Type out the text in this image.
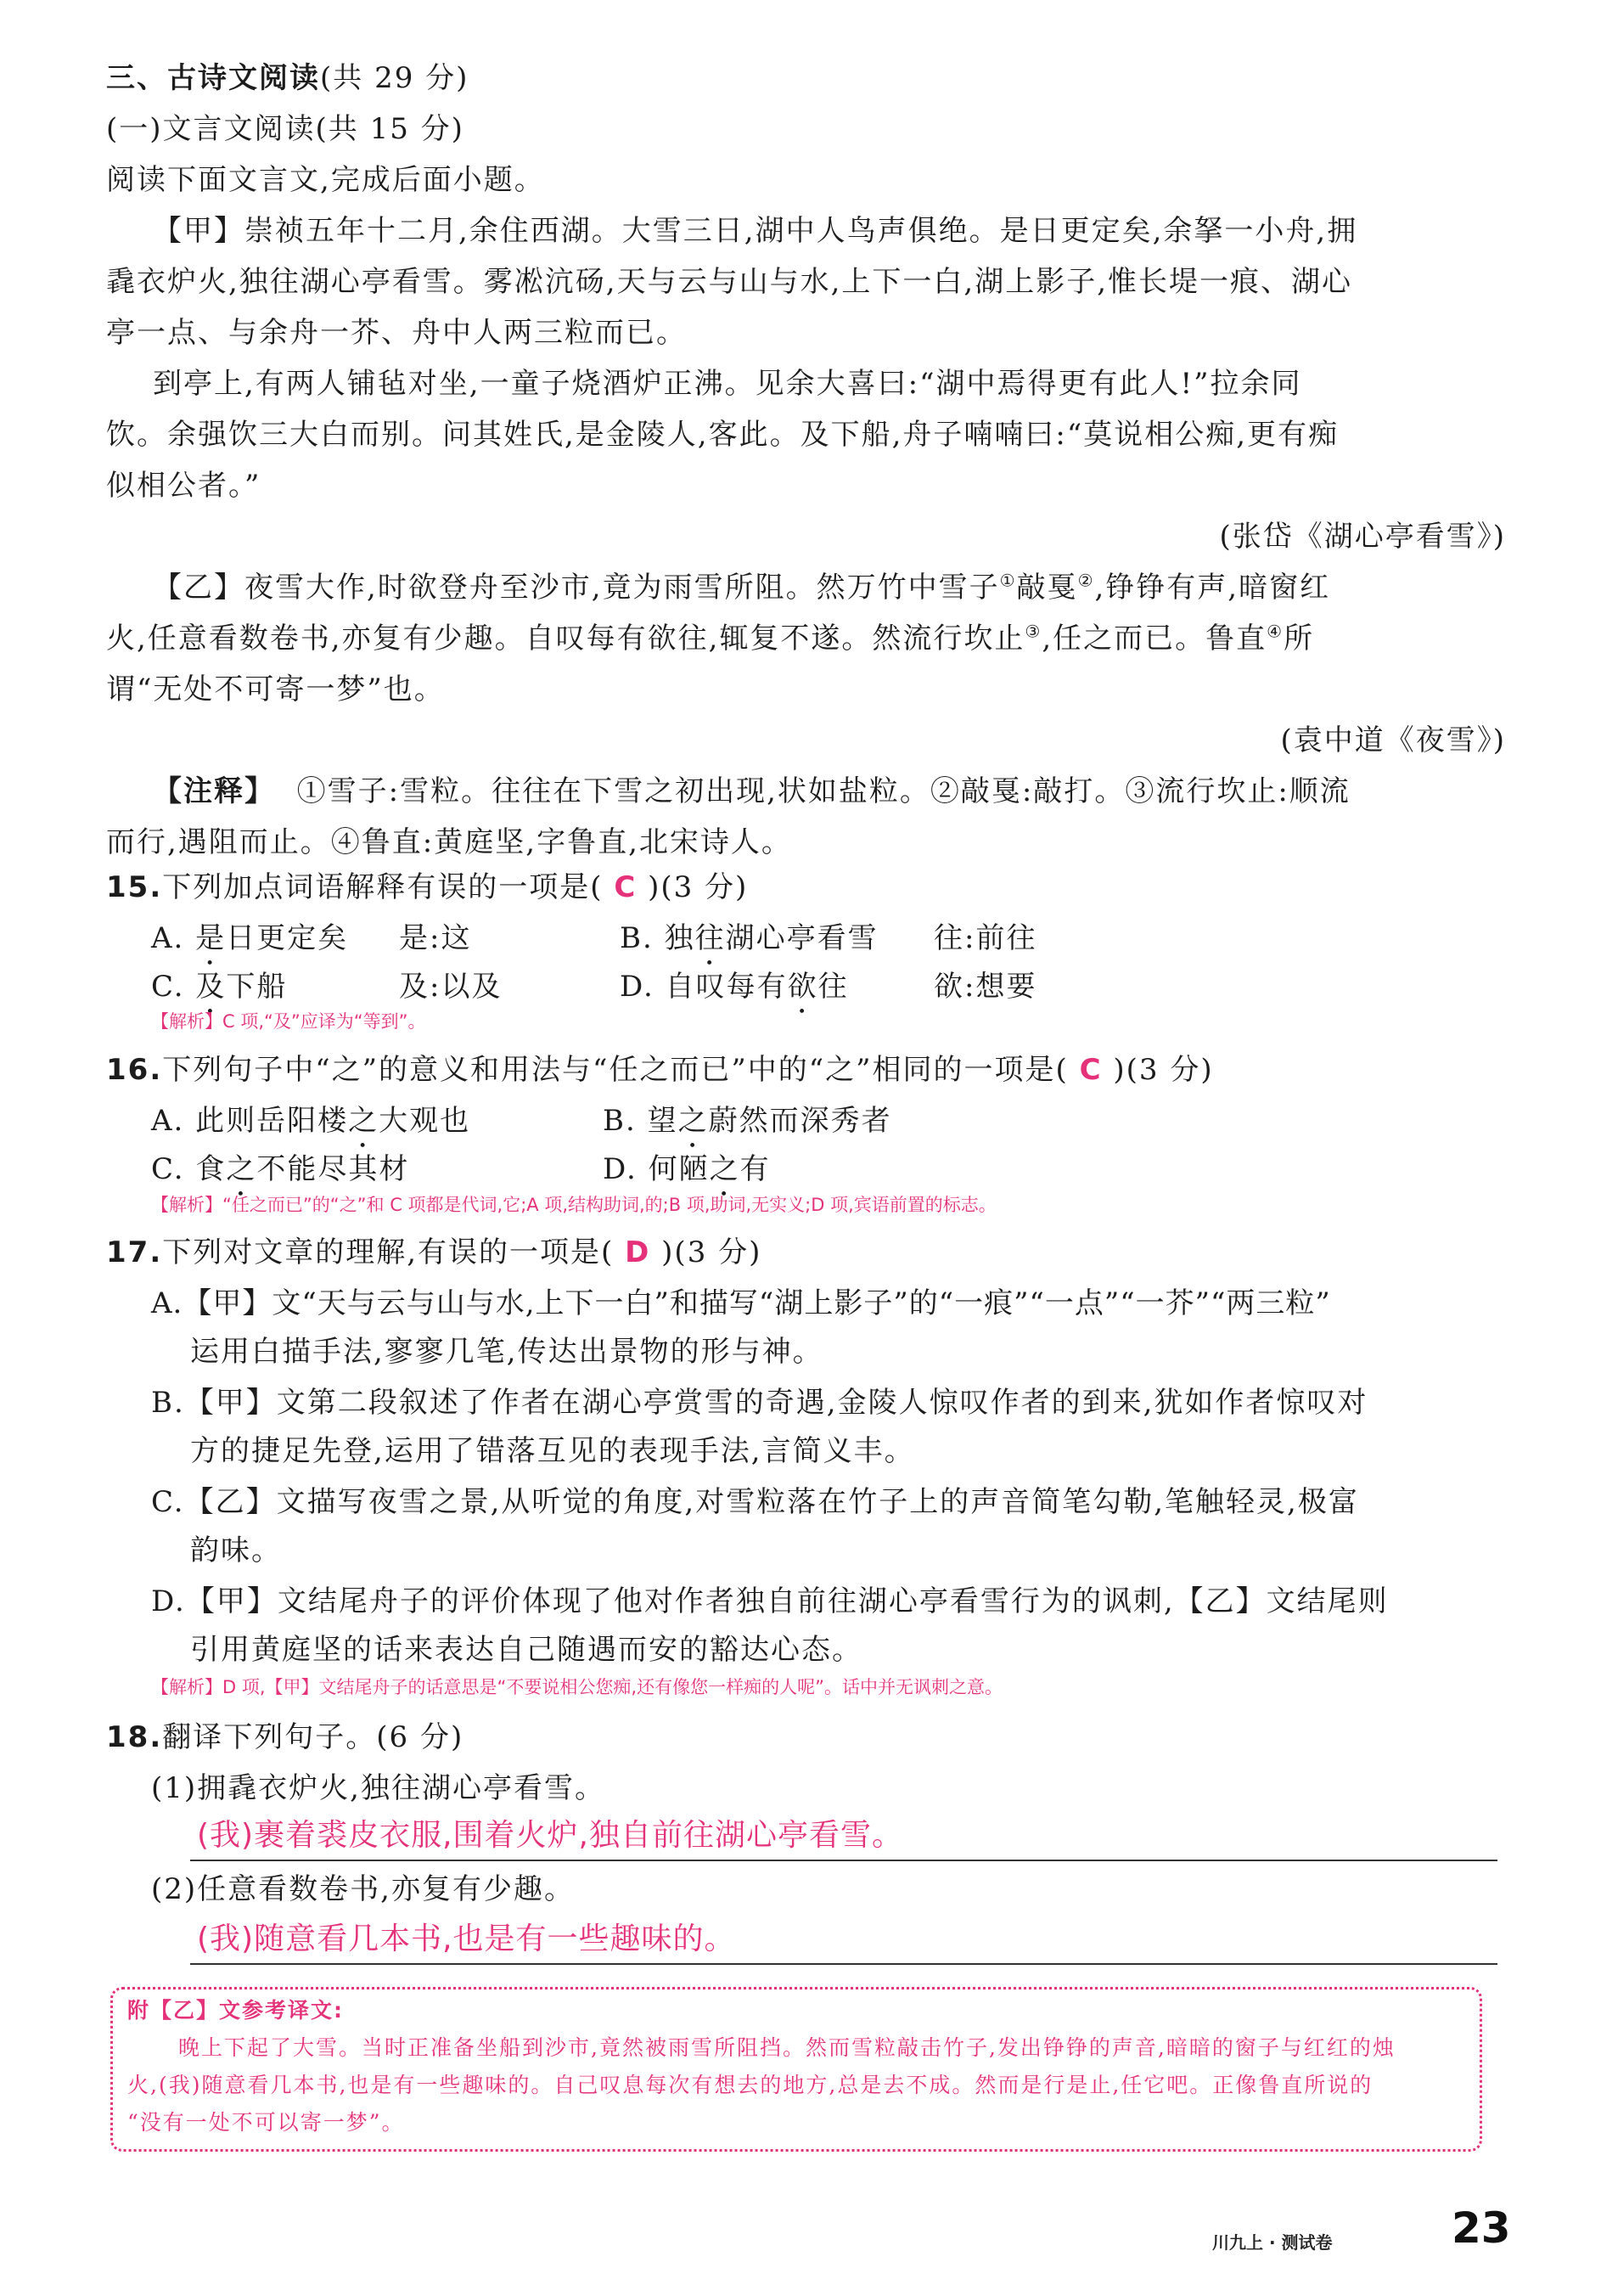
三、古诗文阅读(共 29 分)
(一)文言文阅读(共 15 分)
阅读下面文言文,完成后面小题。
【甲】崇祯五年十二月,余住西湖。大雪三日,湖中人鸟声俱绝。是日更定矣,余拏一小舟,拥
毳衣炉火,独往湖心亭看雪。雾凇沆砀,天与云与山与水,上下一白,湖上影子,惟长堤一痕、湖心
亭一点、与余舟一芥、舟中人两三粒而已。
到亭上,有两人铺毡对坐,一童子烧酒炉正沸。见余大喜曰:“湖中焉得更有此人!”拉余同
饮。余强饮三大白而别。问其姓氏,是金陵人,客此。及下船,舟子喃喃曰:“莫说相公痴,更有痴
似相公者。”
(张岱《湖心亭看雪》)
【乙】夜雪大作,时欲登舟至沙市,竟为雨雪所阻。然万竹中雪子①敲戛②,铮铮有声,暗窗红
火,任意看数卷书,亦复有少趣。自叹每有欲往,辄复不遂。然流行坎止③,任之而已。鲁直④所
谓“无处不可寄一梦”也。
(袁中道《夜雪》)
【注释】 ①雪子:雪粒。往往在下雪之初出现,状如盐粒。②敲戛:敲打。③流行坎止:顺流
而行,遇阻而止。④鲁直:黄庭坚,字鲁直,北宋诗人。
15.下列加点词语解释有误的一项是( C )(3 分)
A. 是日更定矣 是:这	B. 独往湖心亭看雪 往:前往
C. 及下船	及:以及	D. 自叹每有欲往	欲:想要
【解析】C 项,“及”应译为“等到”。
16.下列句子中“之”的意义和用法与“任之而已”中的“之”相同的一项是( C )(3 分)
A. 此则岳阳楼之大观也	B. 望之蔚然而深秀者
C. 食之不能尽其材	D. 何陋之有
【解析】“任之而已”的“之”和 C 项都是代词,它;A 项,结构助词,的;B 项,助词,无实义;D 项,宾语前置的标志。
17.下列对文章的理解,有误的一项是( D )(3 分)
A.【甲】文“天与云与山与水,上下一白”和描写“湖上影子”的“一痕”“一点”“一芥”“两三粒”
运用白描手法,寥寥几笔,传达出景物的形与神。
B.【甲】文第二段叙述了作者在湖心亭赏雪的奇遇,金陵人惊叹作者的到来,犹如作者惊叹对
方的捷足先登,运用了错落互见的表现手法,言简义丰。
C.【乙】文描写夜雪之景,从听觉的角度,对雪粒落在竹子上的声音简笔勾勒,笔触轻灵,极富
韵味。
D.【甲】文结尾舟子的评价体现了他对作者独自前往湖心亭看雪行为的讽刺,【乙】文结尾则
引用黄庭坚的话来表达自己随遇而安的豁达心态。
【解析】D 项,【甲】文结尾舟子的话意思是“不要说相公您痴,还有像您一样痴的人呢”。话中并无讽刺之意。
18.翻译下列句子。(6 分)
(1)拥毳衣炉火,独往湖心亭看雪。
(我)裹着裘皮衣服,围着火炉,独自前往湖心亭看雪。
(2)任意看数卷书,亦复有少趣。
(我)随意看几本书,也是有一些趣味的。
附【乙】文参考译文:
晚上下起了大雪。当时正准备坐船到沙市,竟然被雨雪所阻挡。然而雪粒敲击竹子,发出铮铮的声音,暗暗的窗子与红红的烛
火,(我)随意看几本书,也是有一些趣味的。自己叹息每次有想去的地方,总是去不成。然而是行是止,任它吧。正像鲁直所说的
“没有一处不可以寄一梦”。
川九上 · 测试卷	23
